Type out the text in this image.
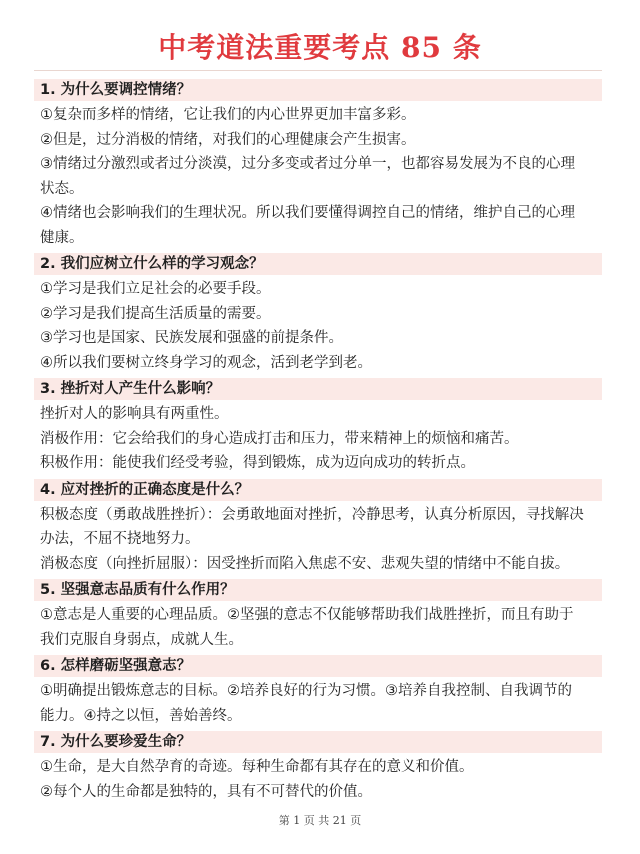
中考道法重要考点 85 条
1. 为什么要调控情绪？
①复杂而多样的情绪，它让我们的内心世界更加丰富多彩。
②但是，过分消极的情绪，对我们的心理健康会产生损害。
③情绪过分激烈或者过分淡漠，过分多变或者过分单一，也都容易发展为不良的心理
状态。
④情绪也会影响我们的生理状况。所以我们要懂得调控自己的情绪，维护自己的心理
健康。
2. 我们应树立什么样的学习观念？
①学习是我们立足社会的必要手段。
②学习是我们提高生活质量的需要。
③学习也是国家、民族发展和强盛的前提条件。
④所以我们要树立终身学习的观念，活到老学到老。
3. 挫折对人产生什么影响？
挫折对人的影响具有两重性。
消极作用：它会给我们的身心造成打击和压力，带来精神上的烦恼和痛苦。
积极作用：能使我们经受考验，得到锻炼，成为迈向成功的转折点。
4. 应对挫折的正确态度是什么？
积极态度（勇敢战胜挫折）：会勇敢地面对挫折，冷静思考，认真分析原因，寻找解决
办法，不屈不挠地努力。
消极态度（向挫折屈服）：因受挫折而陷入焦虑不安、悲观失望的情绪中不能自拔。
5. 坚强意志品质有什么作用？
①意志是人重要的心理品质。②坚强的意志不仅能够帮助我们战胜挫折，而且有助于
我们克服自身弱点，成就人生。
6. 怎样磨砺坚强意志？
①明确提出锻炼意志的目标。②培养良好的行为习惯。③培养自我控制、自我调节的
能力。④持之以恒，善始善终。
7. 为什么要珍爱生命？
①生命，是大自然孕育的奇迹。每种生命都有其存在的意义和价值。
②每个人的生命都是独特的，具有不可替代的价值。
第 1 页 共 21 页
